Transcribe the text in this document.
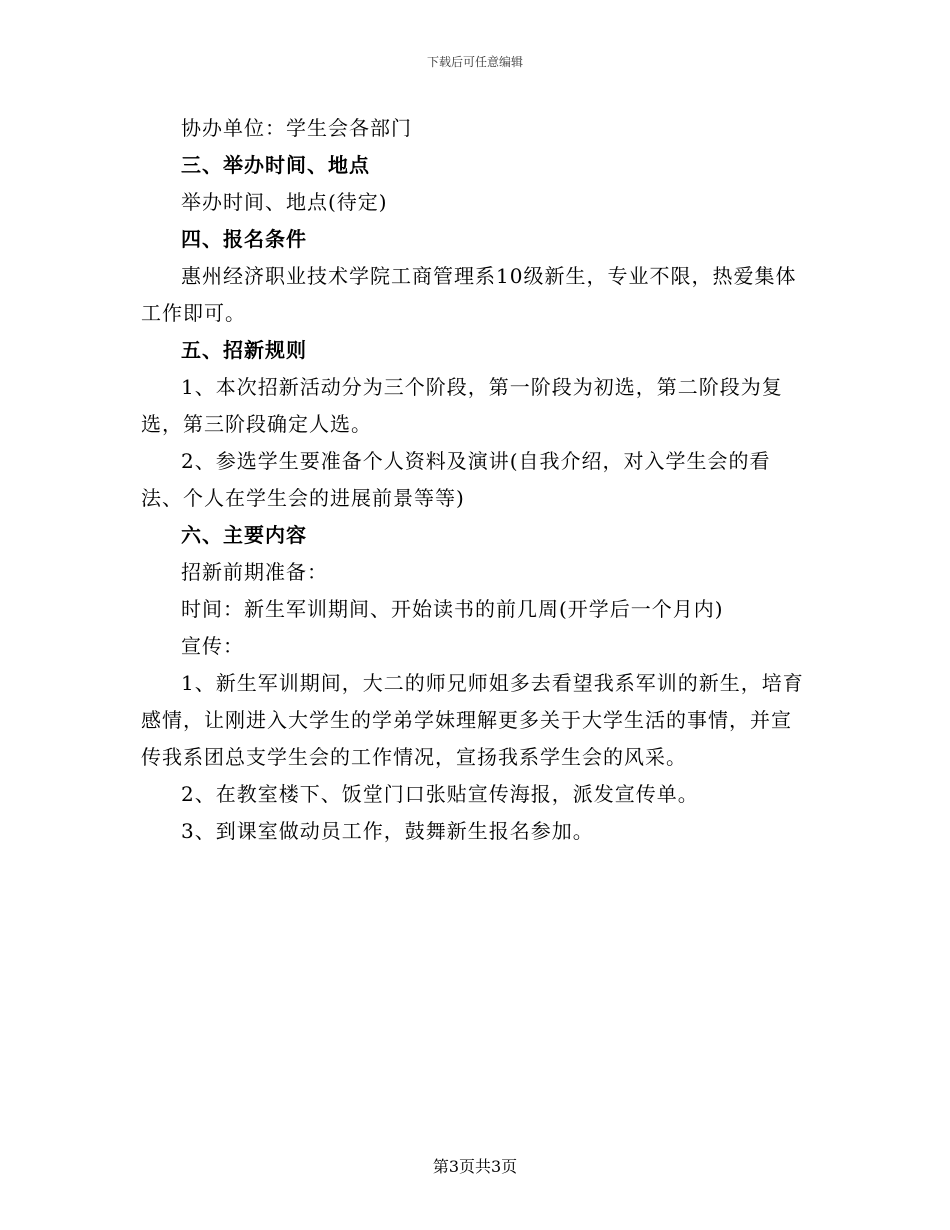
下载后可任意编辑

协办单位：学生会各部门

三、举办时间、地点

举办时间、地点(待定)

四、报名条件

惠州经济职业技术学院工商管理系10级新生，专业不限，热爱集体工作即可。

五、招新规则

1、本次招新活动分为三个阶段，第一阶段为初选，第二阶段为复选，第三阶段确定人选。

2、参选学生要准备个人资料及演讲(自我介绍，对入学生会的看法、个人在学生会的进展前景等等)

六、主要内容

招新前期准备：

时间：新生军训期间、开始读书的前几周(开学后一个月内)

宣传：

1、新生军训期间，大二的师兄师姐多去看望我系军训的新生，培育感情，让刚进入大学生的学弟学妹理解更多关于大学生活的事情，并宣传我系团总支学生会的工作情况，宣扬我系学生会的风采。

2、在教室楼下、饭堂门口张贴宣传海报，派发宣传单。

3、到课室做动员工作，鼓舞新生报名参加。

第3页共3页
